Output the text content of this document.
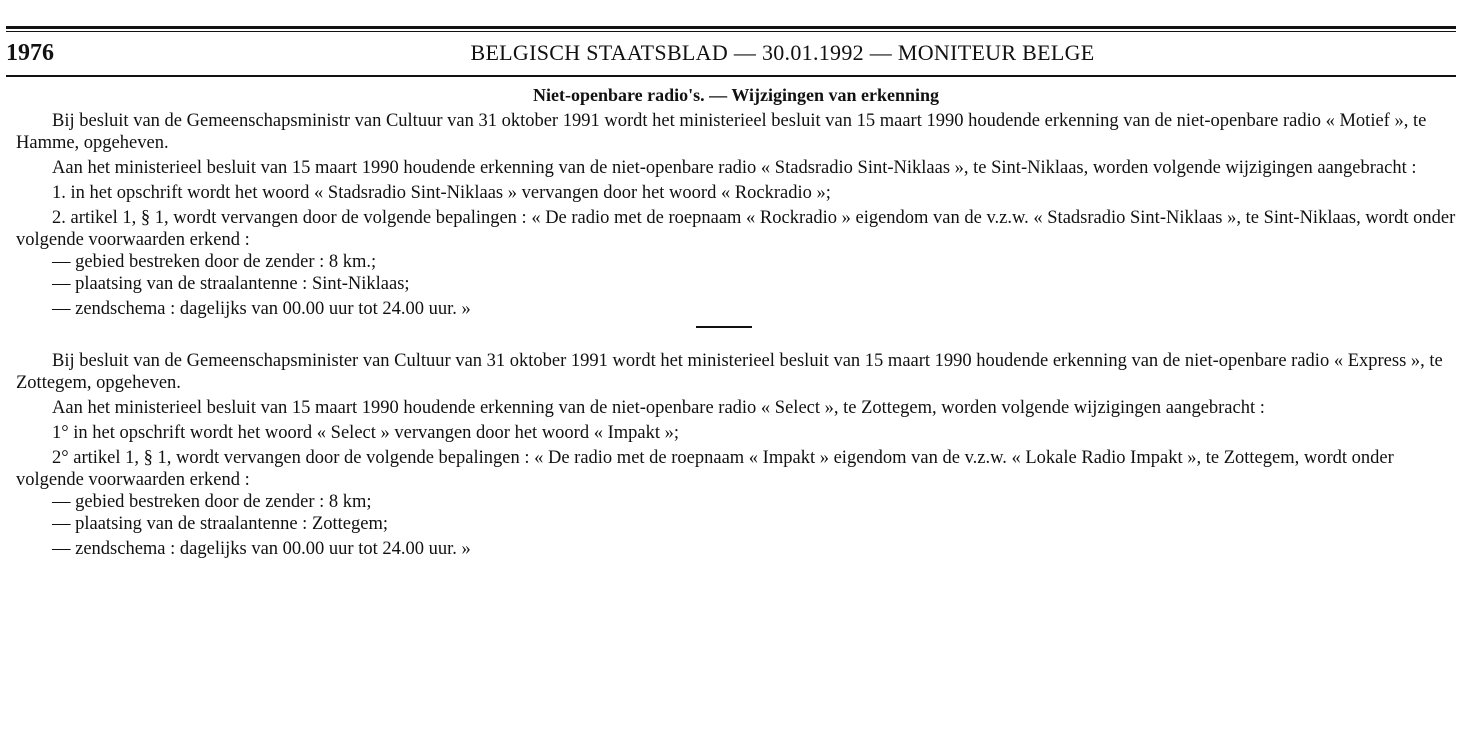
1976	BELGISCH STAATSBLAD — 30.01.1992 — MONITEUR BELGE
Niet-openbare radio's. — Wijzigingen van erkenning

Bij besluit van de Gemeenschapsministr van Cultuur van 31 oktober 1991 wordt het ministerieel besluit van 15 maart 1990 houdende erkenning van de niet-openbare radio « Motief », te Hamme, opgeheven.

Aan het ministerieel besluit van 15 maart 1990 houdende erkenning van de niet-openbare radio « Stadsradio Sint-Niklaas », te Sint-Niklaas, worden volgende wijzigingen aangebracht :

1. in het opschrift wordt het woord « Stadsradio Sint-Niklaas » vervangen door het woord « Rockradio »;

2. artikel 1, § 1, wordt vervangen door de volgende bepalingen : « De radio met de roepnaam « Rockradio » eigendom van de v.z.w. « Stadsradio Sint-Niklaas », te Sint-Niklaas, wordt onder volgende voorwaarden erkend :

— gebied bestreken door de zender : 8 km.;
— plaatsing van de straalantenne : Sint-Niklaas;
— zendschema : dagelijks van 00.00 uur tot 24.00 uur. »

Bij besluit van de Gemeenschapsminister van Cultuur van 31 oktober 1991 wordt het ministerieel besluit van 15 maart 1990 houdende erkenning van de niet-openbare radio « Express », te Zottegem, opgeheven.

Aan het ministerieel besluit van 15 maart 1990 houdende erkenning van de niet-openbare radio « Select », te Zottegem, worden volgende wijzigingen aangebracht :

1° in het opschrift wordt het woord « Select » vervangen door het woord « Impakt »;

2° artikel 1, § 1, wordt vervangen door de volgende bepalingen : « De radio met de roepnaam « Impakt » eigendom van de v.z.w. « Lokale Radio Impakt », te Zottegem, wordt onder volgende voorwaarden erkend :

— gebied bestreken door de zender : 8 km;
— plaatsing van de straalantenne : Zottegem;
— zendschema : dagelijks van 00.00 uur tot 24.00 uur. »
